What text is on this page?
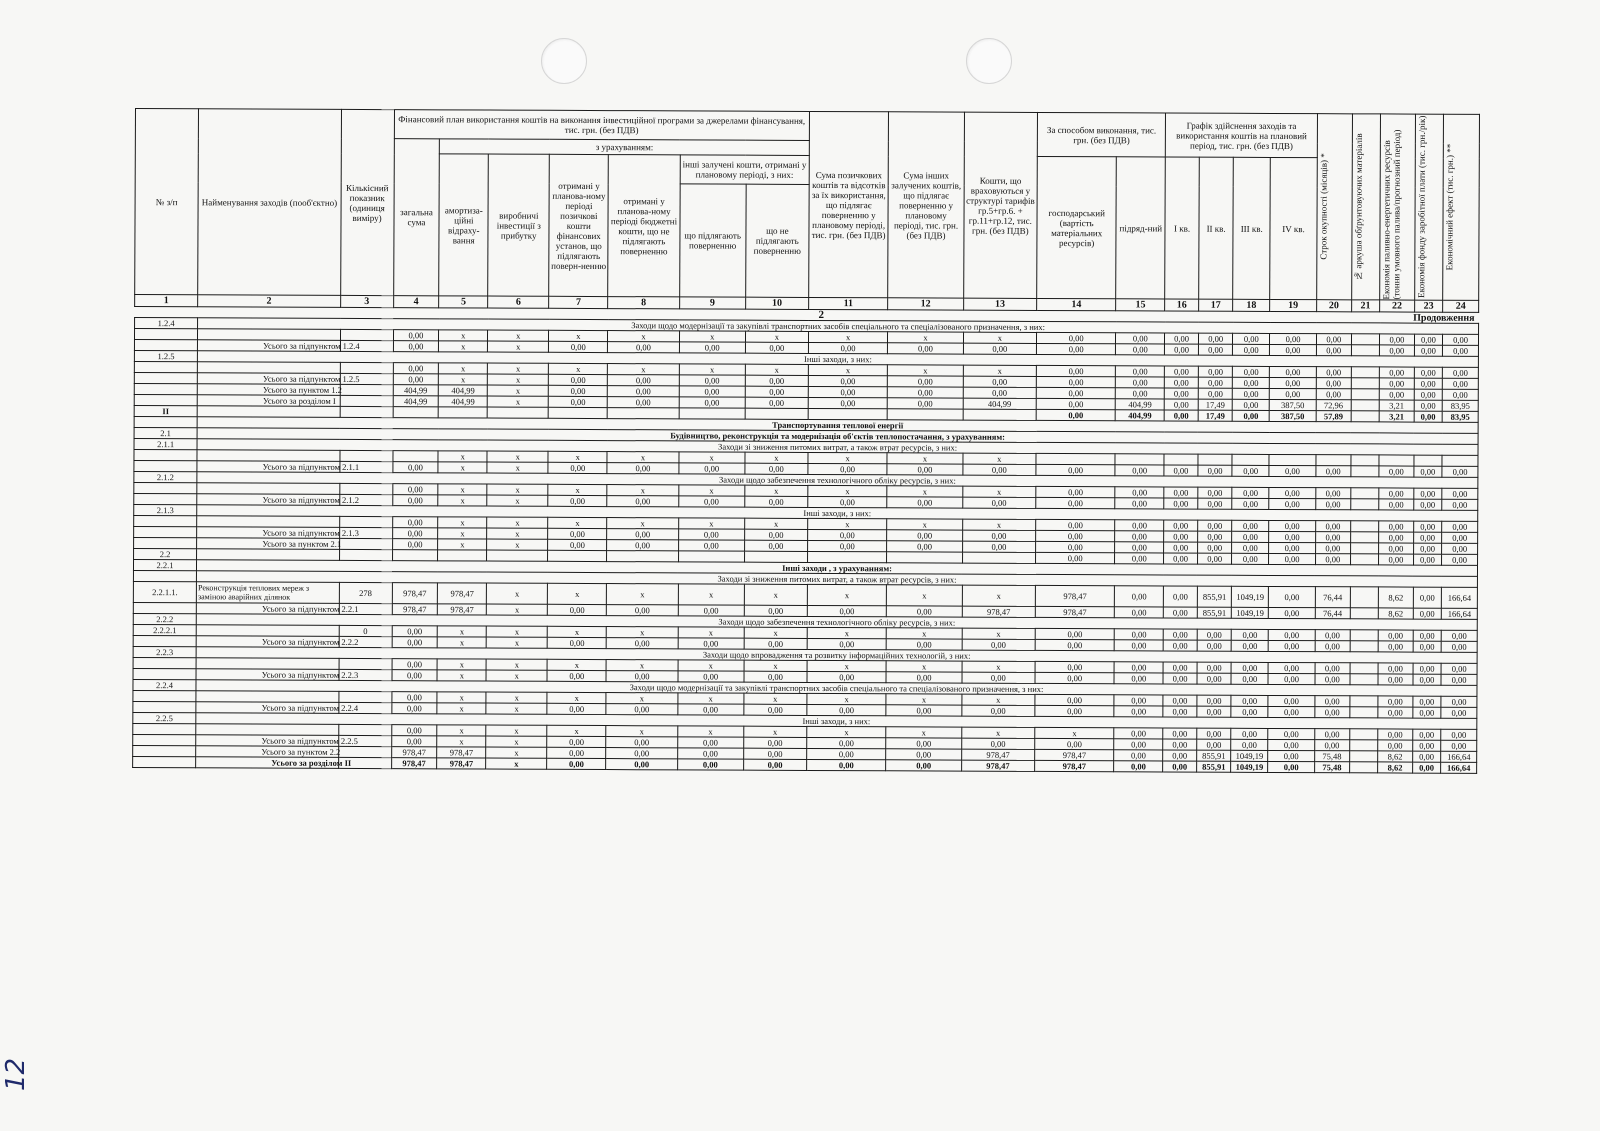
№ з/п	Найменування заходів (пооб'єктно)	Кількісний показник (одиниця виміру)	Фінансовий план використання коштів на виконання інвестиційної програми за джерелами фінансування, тис. грн. (без ПДВ)							Сума позичкових коштів та відсотків за їх використання, що підлягає поверненню у плановому періоді, тис. грн. (без ПДВ)	Сума інших залучених коштів, що підлягає поверненню у плановому періоді, тис. грн. (без ПДВ)	Кошти, що враховуються у структурі тарифів гр.5+гр.6. + гр.11+гр.12, тис. грн. (без ПДВ)	За способом виконання, тис. грн. (без ПДВ)		Графік здійснення заходів та використання коштів на плановий період, тис. грн. (без ПДВ)				Строк окупності (місяців) *	№ аркуша обґрунтовуючих матеріалів	Економія паливно-енергетичних ресурсів (тонни умовного палива/прогнозний період)	Економія фонду заробітної плати (тис. грн./рік)	Економічний ефект (тис. грн.) **

			загальна сума	з урахуванням:																			
				амортиза-ційні відраху-вання	виробничі інвестиції з прибутку	отримані у планова-ному періоді позичкові кошти фінансових установ, що підлягають поверн-ненню	отримані у планова-ному періоді бюджетні кошти, що не підлягають поверненню	інші залучені кошти, отримані у плановому періоді, з них:					господарський (вартість матеріальних ресурсів)	підряд-ний	I кв.	II кв.	III кв.	IV кв.					
								що підлягають поверненню	що не підлягають поверненню														
1	2	3	4	5	6	7	8	9	10	11	12	13	14	15	16	17	18	19	20	21	22	23	24
								2				Продовження											
1.2.4	Заходи щодо модернізації та закупівлі транспортних засобів спеціального та спеціалізованого призначення, з них:																						
			0,00	x	x	x	x	x	x	x	x	x	0,00	0,00	0,00	0,00	0,00	0,00	0,00		0,00	0,00	0,00
	Усього за підпунктом 1.2.4		0,00	x	x	0,00	0,00	0,00	0,00	0,00	0,00	0,00	0,00	0,00	0,00	0,00	0,00	0,00	0,00		0,00	0,00	0,00
1.2.5	Інші заходи, з них:																						
			0,00	x	x	x	x	x	x	x	x	x	0,00	0,00	0,00	0,00	0,00	0,00	0,00		0,00	0,00	0,00
	Усього за підпунктом 1.2.5		0,00	x	x	0,00	0,00	0,00	0,00	0,00	0,00	0,00	0,00	0,00	0,00	0,00	0,00	0,00	0,00		0,00	0,00	0,00
	Усього за пунктом 1.2		404,99	404,99	x	0,00	0,00	0,00	0,00	0,00	0,00	0,00	0,00	0,00	0,00	0,00	0,00	0,00	0,00		0,00	0,00	0,00
	Усього за розділом I		404,99	404,99	x	0,00	0,00	0,00	0,00	0,00	0,00	404,99	0,00	404,99	0,00	17,49	0,00	387,50	72,96		3,21	0,00	83,95
II													0,00	404,99	0,00	17,49	0,00	387,50	57,89		3,21	0,00	83,95
	Транспортування теплової енергії																						
2.1	Будівництво, реконструкція та модернізація об'єктів теплопостачання, з урахуванням:																						
2.1.1	Заходи зі зниження питомих витрат, а також втрат ресурсів, з них:																						
				x	x	x	x	x	x	x	x	x											
	Усього за підпунктом 2.1.1		0,00	x	x	0,00	0,00	0,00	0,00	0,00	0,00	0,00	0,00	0,00	0,00	0,00	0,00	0,00	0,00		0,00	0,00	0,00
2.1.2	Заходи щодо забезпечення технологічного обліку ресурсів, з них:																						
			0,00	x	x	x	x	x	x	x	x	x	0,00	0,00	0,00	0,00	0,00	0,00	0,00		0,00	0,00	0,00
	Усього за підпунктом 2.1.2		0,00	x	x	0,00	0,00	0,00	0,00	0,00	0,00	0,00	0,00	0,00	0,00	0,00	0,00	0,00	0,00		0,00	0,00	0,00
2.1.3	Інші заходи, з них:																						
			0,00	x	x	x	x	x	x	x	x	x	0,00	0,00	0,00	0,00	0,00	0,00	0,00		0,00	0,00	0,00
	Усього за підпунктом 2.1.3		0,00	x	x	0,00	0,00	0,00	0,00	0,00	0,00	0,00	0,00	0,00	0,00	0,00	0,00	0,00	0,00		0,00	0,00	0,00
	Усього за пунктом 2.1		0,00	x	x	0,00	0,00	0,00	0,00	0,00	0,00	0,00	0,00	0,00	0,00	0,00	0,00	0,00	0,00		0,00	0,00	0,00
2.2													0,00	0,00	0,00	0,00	0,00	0,00	0,00		0,00	0,00	0,00
2.2.1	Інші заходи , з урахуванням:																						
	Заходи зі зниження питомих витрат, а також втрат ресурсів, з них:																						
2.2.1.1.	Реконструкція теплових мереж з заміною аварійних ділянок	278	978,47	978,47	x	x	x	x	x	x	x	x	978,47	0,00	0,00	855,91	1049,19	0,00	76,44		8,62	0,00	166,64
	Усього за підпунктом 2.2.1		978,47	978,47	x	0,00	0,00	0,00	0,00	0,00	0,00	978,47	978,47	0,00	0,00	855,91	1049,19	0,00	76,44		8,62	0,00	166,64
2.2.2	Заходи щодо забезпечення технологічного обліку ресурсів, з них:																						
2.2.2.1		0	0,00	x	x	x	x	x	x	x	x	x	0,00	0,00	0,00	0,00	0,00	0,00	0,00		0,00	0,00	0,00
	Усього за підпунктом 2.2.2		0,00	x	x	0,00	0,00	0,00	0,00	0,00	0,00	0,00	0,00	0,00	0,00	0,00	0,00	0,00	0,00		0,00	0,00	0,00
2.2.3	Заходи щодо впровадження та розвитку інформаційних технологій, з них:																						
			0,00	x	x	x	x	x	x	x	x	x	0,00	0,00	0,00	0,00	0,00	0,00	0,00		0,00	0,00	0,00
	Усього за підпунктом 2.2.3		0,00	x	x	0,00	0,00	0,00	0,00	0,00	0,00	0,00	0,00	0,00	0,00	0,00	0,00	0,00	0,00		0,00	0,00	0,00
2.2.4	Заходи щодо модернізації та закупівлі транспортних засобів спеціального та спеціалізованого призначення, з них:																						
			0,00	x	x	x	x	x	x	x	x	x	0,00	0,00	0,00	0,00	0,00	0,00	0,00		0,00	0,00	0,00
	Усього за підпунктом 2.2.4		0,00	x	x	0,00	0,00	0,00	0,00	0,00	0,00	0,00	0,00	0,00	0,00	0,00	0,00	0,00	0,00		0,00	0,00	0,00
2.2.5	Інші заходи, з них:																						
			0,00	x	x	x	x	x	x	x	x	x	x	0,00	0,00	0,00	0,00	0,00	0,00		0,00	0,00	0,00
	Усього за підпунктом 2.2.5		0,00	x	x	0,00	0,00	0,00	0,00	0,00	0,00	0,00	0,00	0,00	0,00	0,00	0,00	0,00	0,00		0,00	0,00	0,00
	Усього за пунктом 2.2		978,47	978,47	x	0,00	0,00	0,00	0,00	0,00	0,00	978,47	978,47	0,00	0,00	855,91	1049,19	0,00	75,48		8,62	0,00	166,64
	Усього за розділом II		978,47	978,47	x	0,00	0,00	0,00	0,00	0,00	0,00	978,47	978,47	0,00	0,00	855,91	1049,19	0,00	75,48		8,62	0,00	166,64
12
